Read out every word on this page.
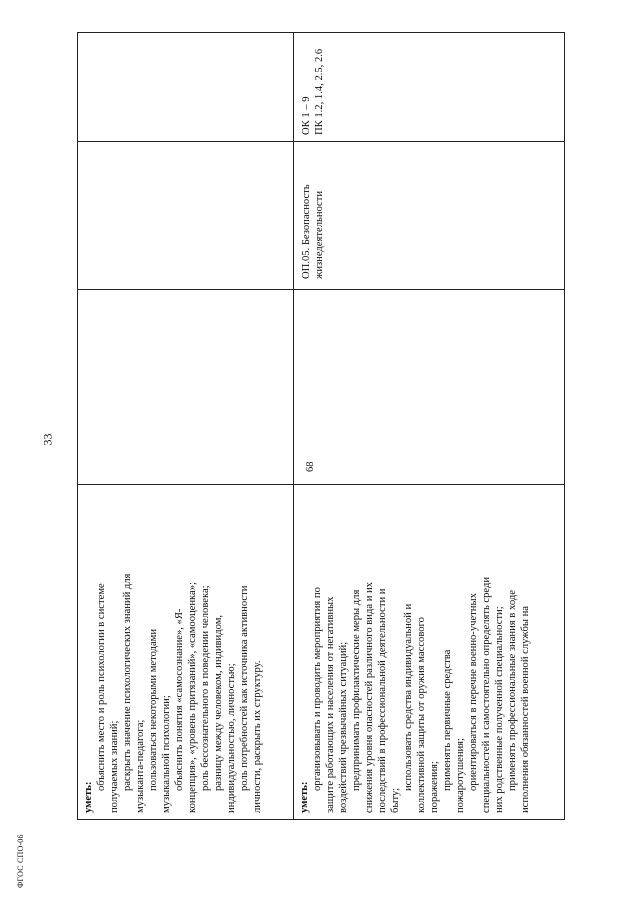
33

уметь:

объяснить место и роль психологии в системе получаемых знаний; раскрыть значение психологических знаний для музыканта-педагога; пользоваться некоторыми методами музыкальной психологии; объяснить понятия «самосознание», «Я- концепция», «уровень притязаний», «самооценка»; роль бессознательного в поведении человека; разницу между человеком, индивидом, индивидуальностью, личностью; роль потребностей как источника активности личности, раскрыть их структуру.	уметь:

организовывать и проводить мероприятия по защите работающих и населения от негативных воздействий чрезвычайных ситуаций; предпринимать профилактические меры для снижения уровня опасностей различного вида и их последствий в профессиональной деятельности и быту;

использовать средства индивидуальной и коллективной защиты от оружия массового поражения; применять первичные средства пожаротушения; ориентироваться в перечне военно-учетных специальностей и самостоятельно определять среди них родственные полученной специальности; применять профессиональные знания в ходе исполнения обязанностей военной службы на

68
ОП.05. Безопасность жизнедеятельности
ОК 1 – 9 ПК 1.2, 1.4, 2.5, 2.6
ФГОС СПО-06
